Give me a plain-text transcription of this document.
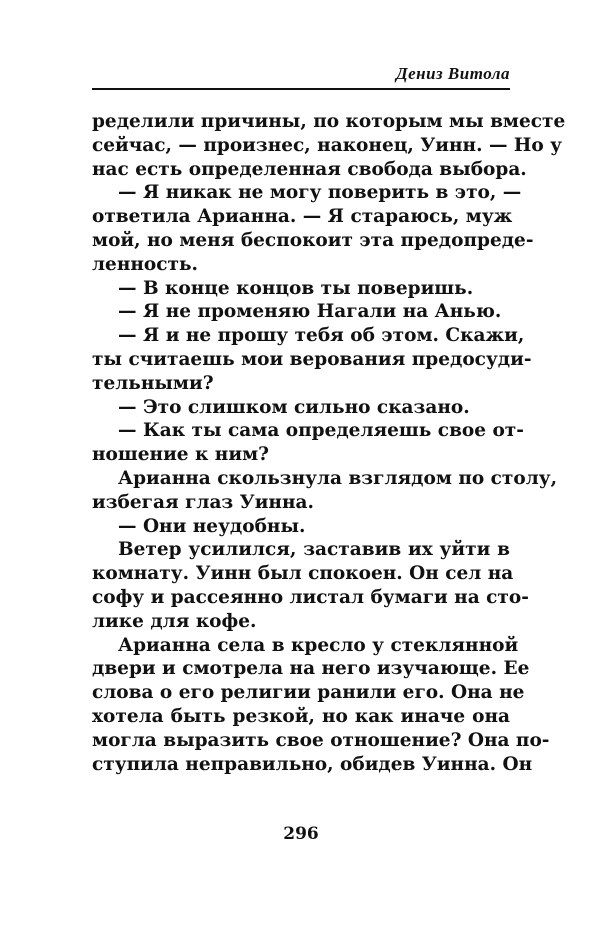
Дениз Витола
ределили причины, по которым мы вместе
сейчас, — произнес, наконец, Уинн. — Но у
нас есть определенная свобода выбора.
— Я никак не могу поверить в это, —
ответила Арианна. — Я стараюсь, муж
мой, но меня беспокоит эта предопреде-
ленность.
— В конце концов ты поверишь.
— Я не променяю Нагали на Анью.
— Я и не прошу тебя об этом. Скажи,
ты считаешь мои верования предосуди-
тельными?
— Это слишком сильно сказано.
— Как ты сама определяешь свое от-
ношение к ним?
Арианна скользнула взглядом по столу,
избегая глаз Уинна.
— Они неудобны.
Ветер усилился, заставив их уйти в
комнату. Уинн был спокоен. Он сел на
софу и рассеянно листал бумаги на сто-
лике для кофе.
Арианна села в кресло у стеклянной
двери и смотрела на него изучающе. Ее
слова о его религии ранили его. Она не
хотела быть резкой, но как иначе она
могла выразить свое отношение? Она по-
ступила неправильно, обидев Уинна. Он
296
